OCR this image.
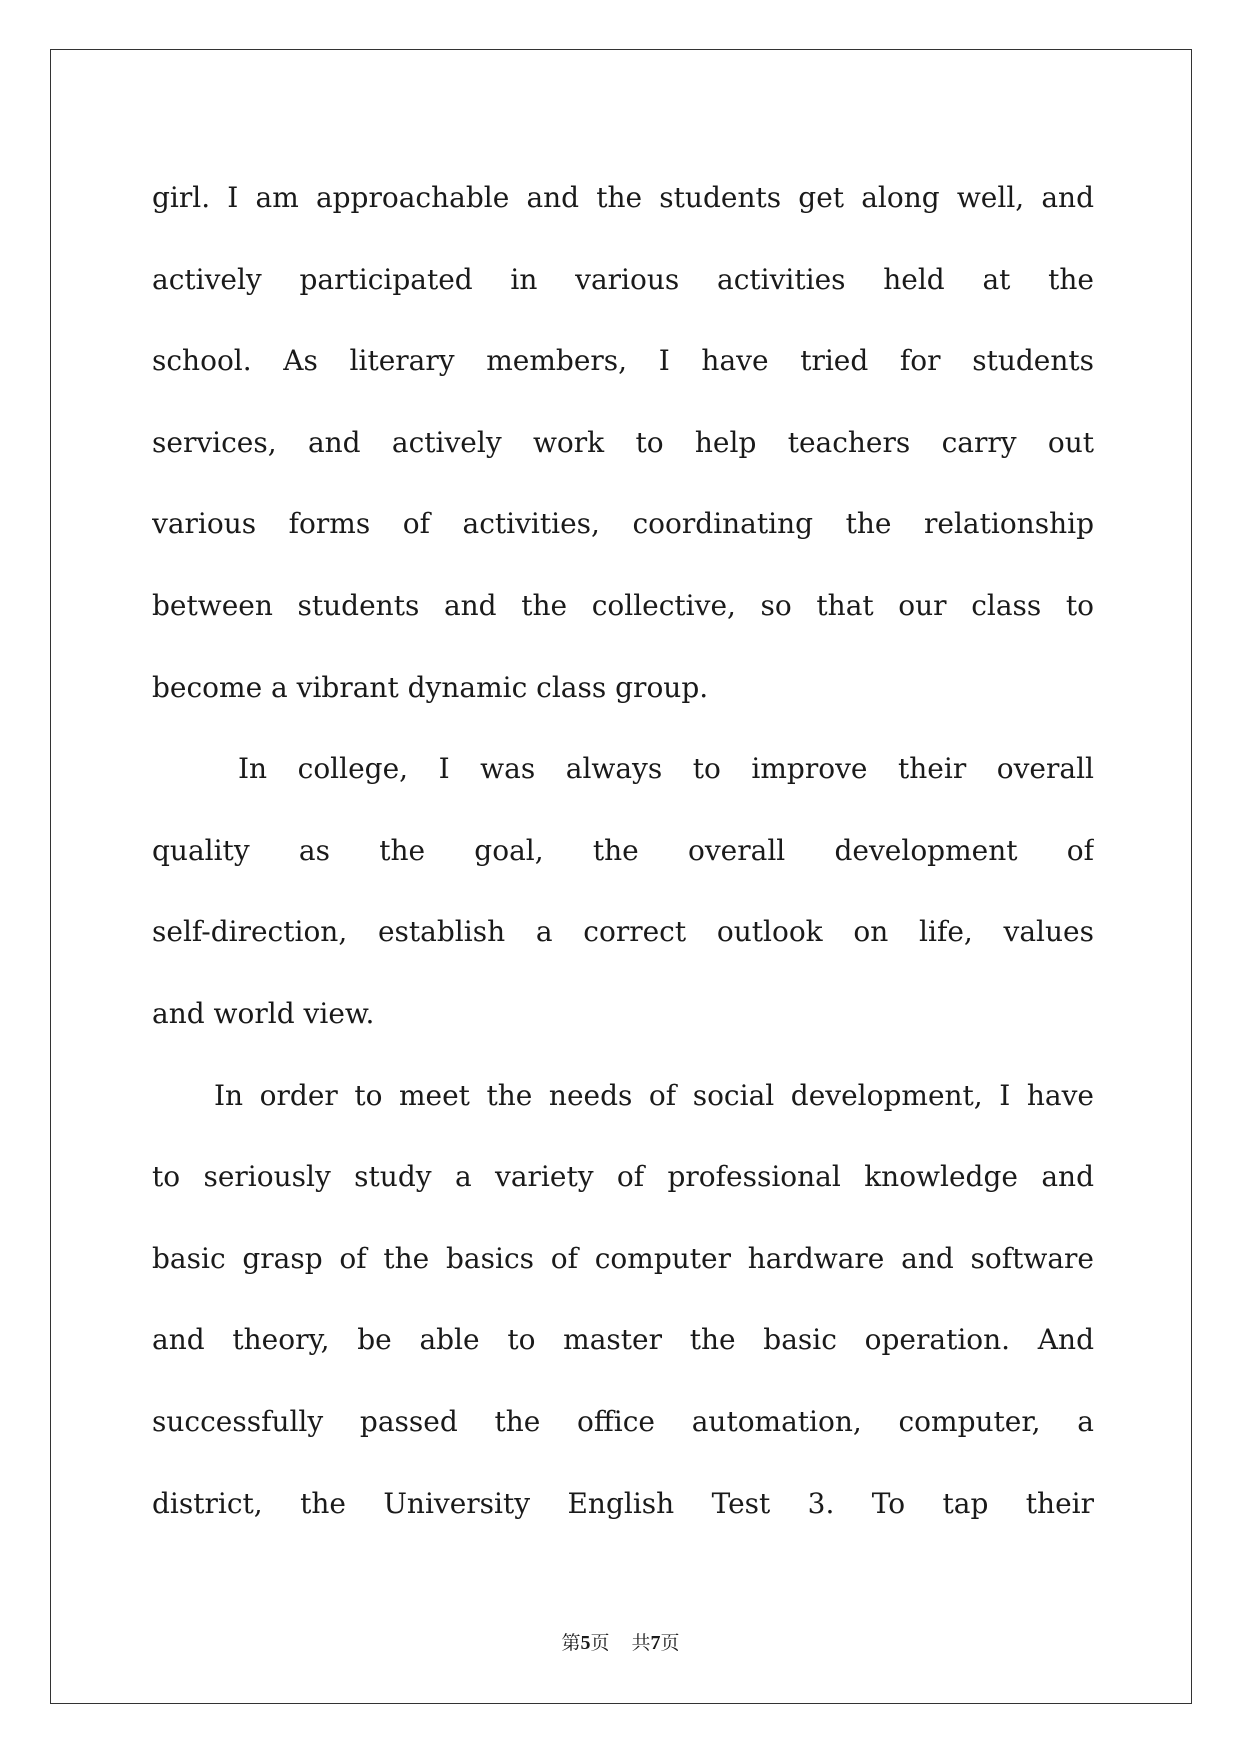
girl. I am approachable and the students get along well, and
actively participated in various activities held at the
school. As literary members, I have tried for students
services, and actively work to help teachers carry out
various forms of activities, coordinating the relationship
between students and the collective, so that our class to
become a vibrant dynamic class group.
In college, I was always to improve their overall
quality as the goal, the overall development of
self-direction, establish a correct outlook on life, values
and world view.
In order to meet the needs of social development, I have
to seriously study a variety of professional knowledge and
basic grasp of the basics of computer hardware and software
and theory, be able to master the basic operation. And
successfully passed the office automation, computer, a
district, the University English Test 3. To tap their
第5页 共7页
